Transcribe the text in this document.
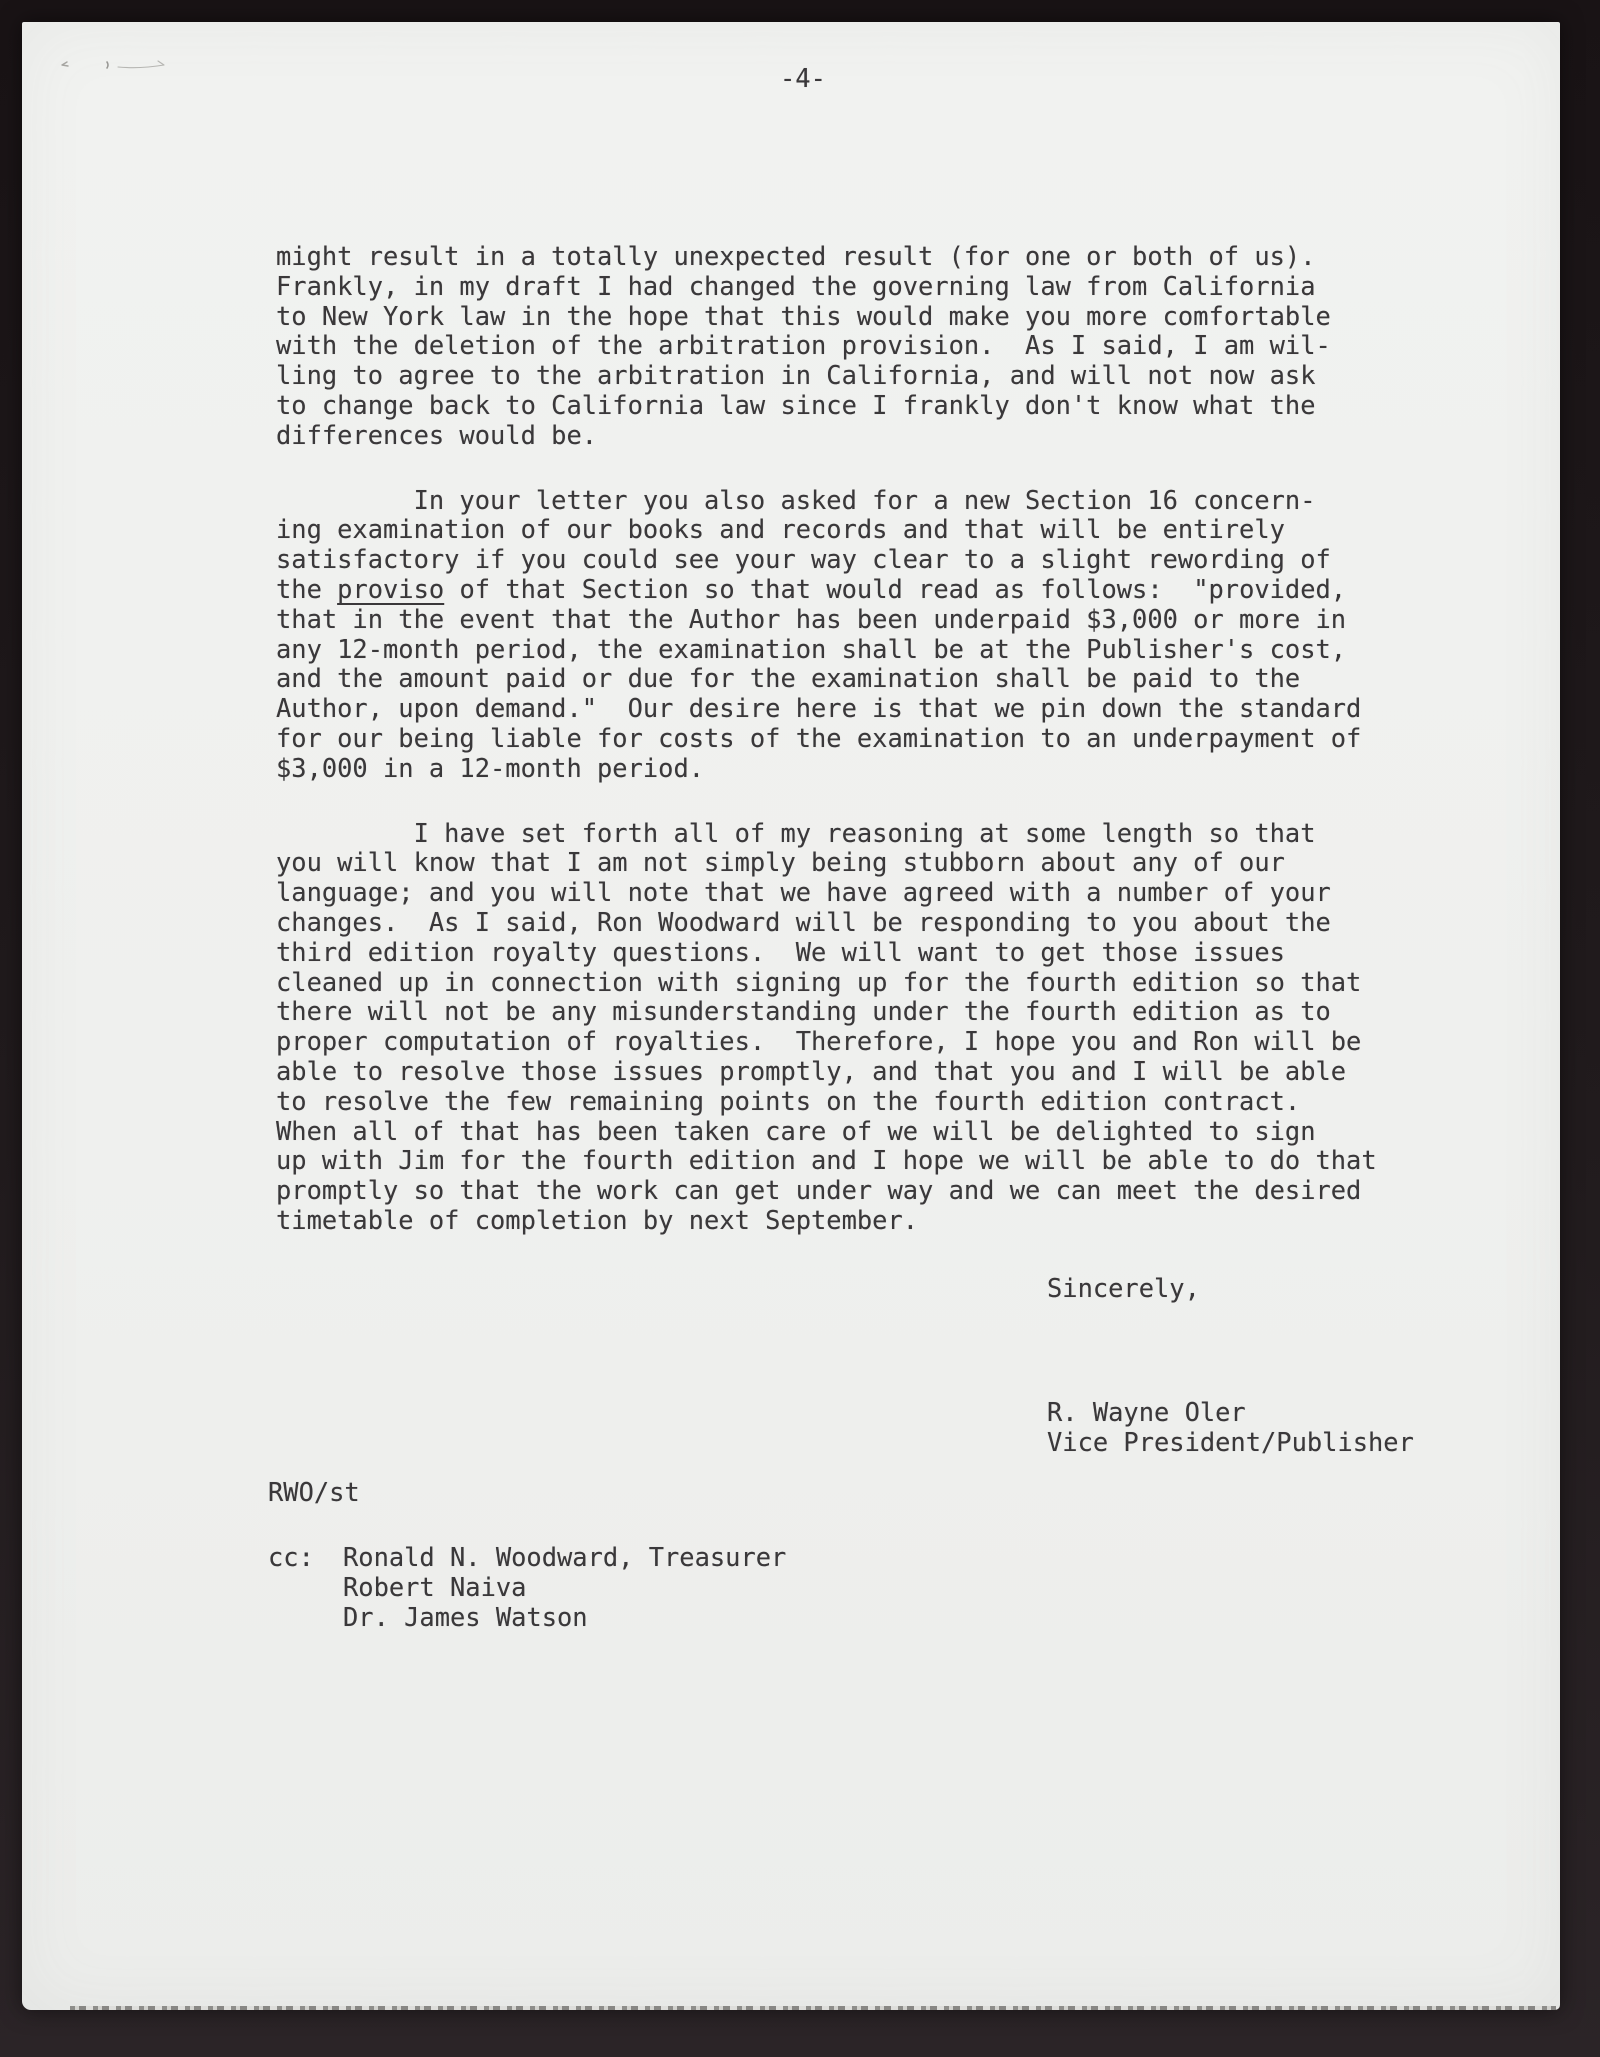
-4-
might result in a totally unexpected result (for one or both of us).
Frankly, in my draft I had changed the governing law from California
to New York law in the hope that this would make you more comfortable
with the deletion of the arbitration provision.  As I said, I am wil-
ling to agree to the arbitration in California, and will not now ask
to change back to California law since I frankly don't know what the
differences would be.
In your letter you also asked for a new Section 16 concern-
ing examination of our books and records and that will be entirely
satisfactory if you could see your way clear to a slight rewording of
the proviso of that Section so that would read as follows:  "provided,
that in the event that the Author has been underpaid $3,000 or more in
any 12-month period, the examination shall be at the Publisher's cost,
and the amount paid or due for the examination shall be paid to the
Author, upon demand."  Our desire here is that we pin down the standard
for our being liable for costs of the examination to an underpayment of
$3,000 in a 12-month period.
I have set forth all of my reasoning at some length so that
you will know that I am not simply being stubborn about any of our
language; and you will note that we have agreed with a number of your
changes.  As I said, Ron Woodward will be responding to you about the
third edition royalty questions.  We will want to get those issues
cleaned up in connection with signing up for the fourth edition so that
there will not be any misunderstanding under the fourth edition as to
proper computation of royalties.  Therefore, I hope you and Ron will be
able to resolve those issues promptly, and that you and I will be able
to resolve the few remaining points on the fourth edition contract.
When all of that has been taken care of we will be delighted to sign
up with Jim for the fourth edition and I hope we will be able to do that
promptly so that the work can get under way and we can meet the desired
timetable of completion by next September.
Sincerely,
R. Wayne Oler
Vice President/Publisher
RWO/st
cc: Ronald N. Woodward, Treasurer
Robert Naiva
Dr. James Watson
